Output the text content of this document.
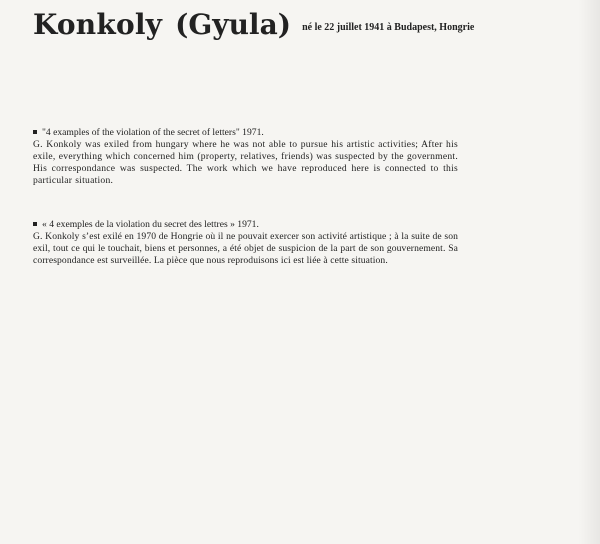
Konkoly (Gyula) $^{né le 22 juillet 1941 à Budapest, Hongrie}$
"4 examples of the violation of the secret of letters" 1971.

G. Konkoly was exiled from hungary where he was not able to pursue his artistic activities; After his exile, everything which concerned him (property, relatives, friends) was suspected by the government. His correspondance was suspected. The work which we have reproduced here is connected to this particular situation.

« 4 exemples de la violation du secret des lettres » 1971.

G. Konkoly s’est exilé en 1970 de Hongrie où il ne pouvait exercer son activité artistique ; à la suite de son exil, tout ce qui le touchait, biens et personnes, a été objet de suspicion de la part de son gouvernement. Sa correspondance est surveillée. La pièce que nous reproduisons ici est liée à cette situation.
